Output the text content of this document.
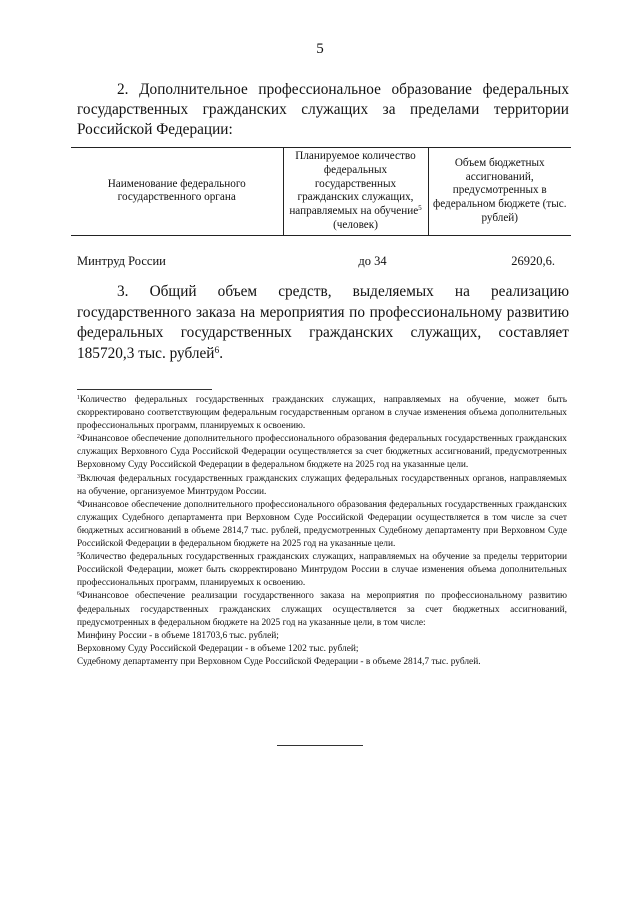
5

2. Дополнительное профессиональное образование федеральных государственных гражданских служащих за пределами территории Российской Федерации:

Наименование федерального государственного органа	Планируемое количество федеральных государственных гражданских служащих, направляемых на обучение$^5$ (человек)	Объем бюджетных ассигнований, предусмотренных в федеральном бюджете (тыс. рублей)

Минтруд России	до 34	26920,6.

3. Общий объем средств, выделяемых на реализацию государственного заказа на мероприятия по профессиональному развитию федеральных государственных гражданских служащих, составляет 185720,3 тыс. рублей$^6$.

$^1$Количество федеральных государственных гражданских служащих, направляемых на обучение, может быть скорректировано соответствующим федеральным государственным органом в случае изменения объема дополнительных профессиональных программ, планируемых к освоению.

$^2$Финансовое обеспечение дополнительного профессионального образования федеральных государственных гражданских служащих Верховного Суда Российской Федерации осуществляется за счет бюджетных ассигнований, предусмотренных Верховному Суду Российской Федерации в федеральном бюджете на 2025 год на указанные цели.

$^3$Включая федеральных государственных гражданских служащих федеральных государственных органов, направляемых на обучение, организуемое Минтрудом России.

$^4$Финансовое обеспечение дополнительного профессионального образования федеральных государственных гражданских служащих Судебного департамента при Верховном Суде Российской Федерации осуществляется в том числе за счет бюджетных ассигнований в объеме 2814,7 тыс. рублей, предусмотренных Судебному департаменту при Верховном Суде Российской Федерации в федеральном бюджете на 2025 год на указанные цели.

$^5$Количество федеральных государственных гражданских служащих, направляемых на обучение за пределы территории Российской Федерации, может быть скорректировано Минтрудом России в случае изменения объема дополнительных профессиональных программ, планируемых к освоению.

$^6$Финансовое обеспечение реализации государственного заказа на мероприятия по профессиональному развитию федеральных государственных гражданских служащих осуществляется за счет бюджетных ассигнований, предусмотренных в федеральном бюджете на 2025 год на указанные цели, в том числе:

Минфину России - в объеме 181703,6 тыс. рублей;

Верховному Суду Российской Федерации - в объеме 1202 тыс. рублей;

Судебному департаменту при Верховном Суде Российской Федерации - в объеме 2814,7 тыс. рублей.
